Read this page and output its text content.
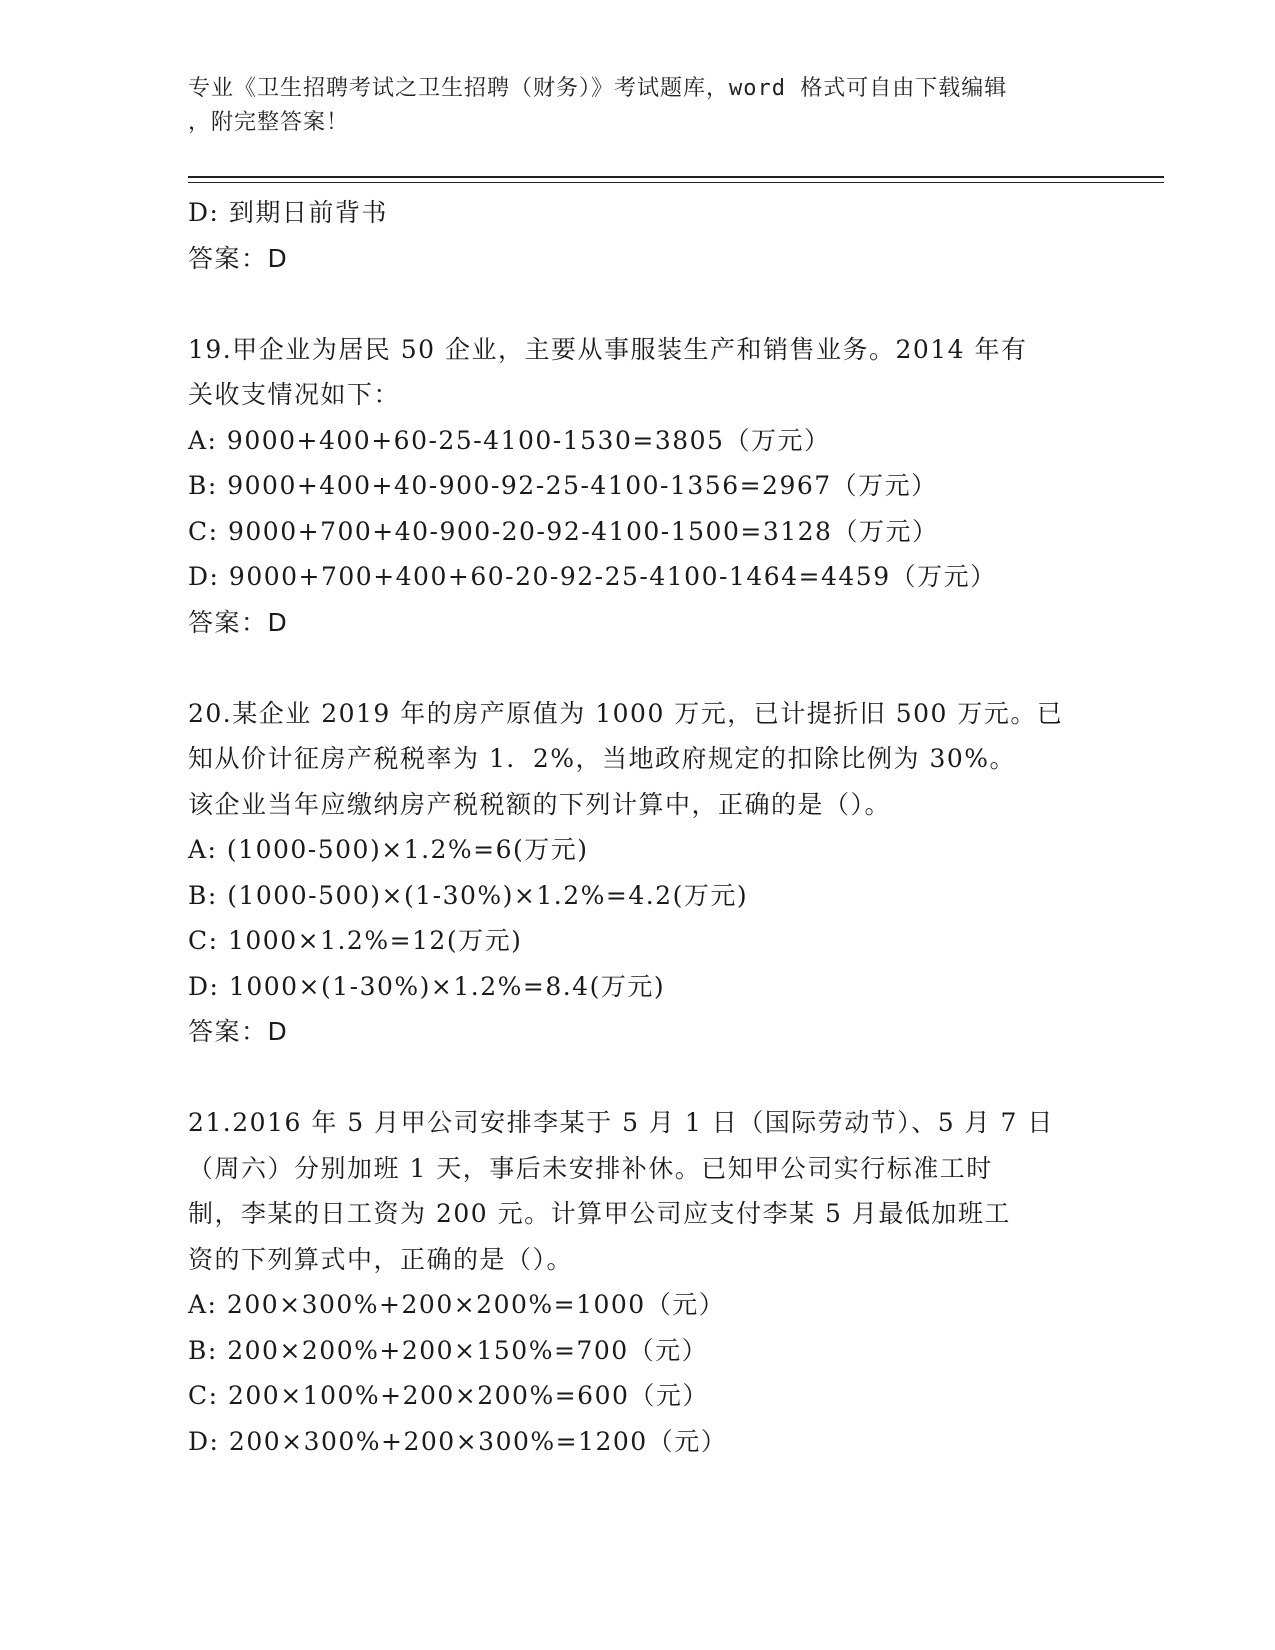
专业《卫生招聘考试之卫生招聘（财务）》考试题库，word 格式可自由下载编辑
，附完整答案！
D: 到期日前背书
答案：D
19.甲企业为居民 50 企业，主要从事服装生产和销售业务。2014 年有
关收支情况如下：
A: 9000+400+60-25-4100-1530=3805（万元）
B: 9000+400+40-900-92-25-4100-1356=2967（万元）
C: 9000+700+40-900-20-92-4100-1500=3128（万元）
D: 9000+700+400+60-20-92-25-4100-1464=4459（万元）
答案：D
20.某企业 2019 年的房产原值为 1000 万元，已计提折旧 500 万元。已
知从价计征房产税税率为 1．2%，当地政府规定的扣除比例为 30%。
该企业当年应缴纳房产税税额的下列计算中，正确的是（）。
A: (1000-500)×1.2%=6(万元)
B: (1000-500)×(1-30%)×1.2%=4.2(万元)
C: 1000×1.2%=12(万元)
D: 1000×(1-30%)×1.2%=8.4(万元)
答案：D
21.2016 年 5 月甲公司安排李某于 5 月 1 日（国际劳动节）、5 月 7 日
（周六）分别加班 1 天，事后未安排补休。已知甲公司实行标准工时
制，李某的日工资为 200 元。计算甲公司应支付李某 5 月最低加班工
资的下列算式中，正确的是（）。
A: 200×300%+200×200%=1000（元）
B: 200×200%+200×150%=700（元）
C: 200×100%+200×200%=600（元）
D: 200×300%+200×300%=1200（元）
